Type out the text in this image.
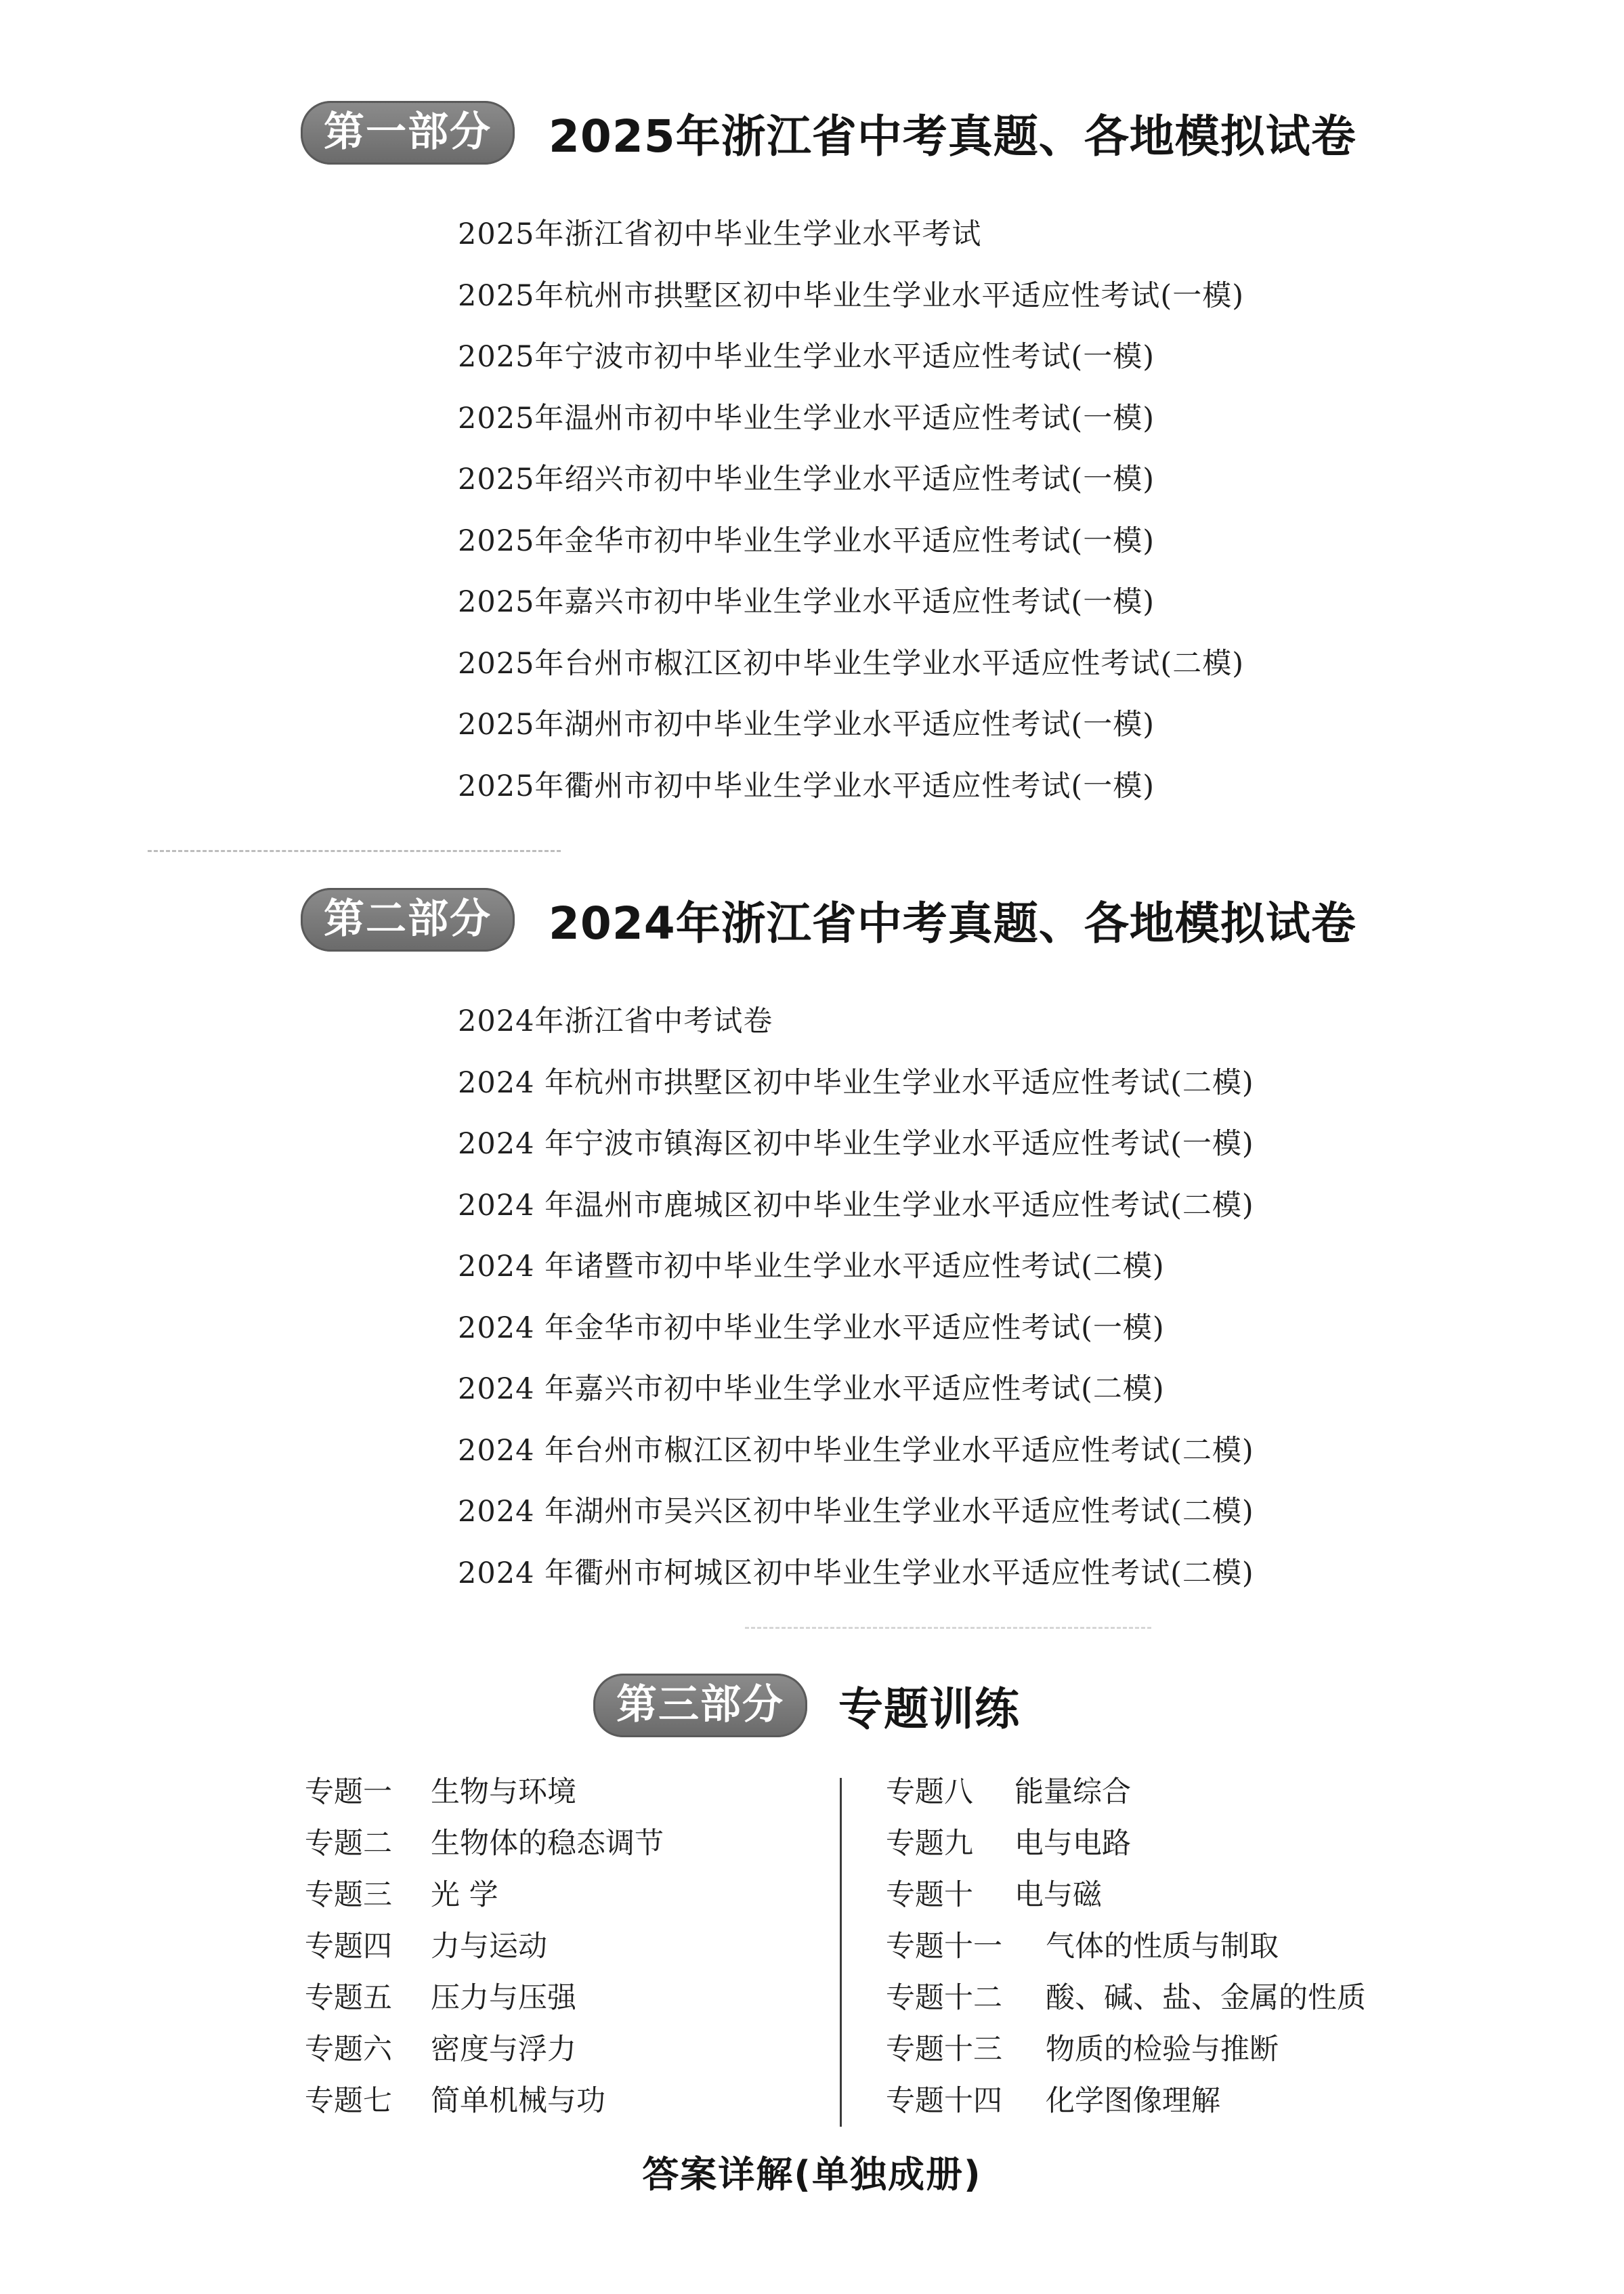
第一部分	2025年浙江省中考真题、各地模拟试卷
2025年浙江省初中毕业生学业水平考试
2025年杭州市拱墅区初中毕业生学业水平适应性考试(一模)
2025年宁波市初中毕业生学业水平适应性考试(一模)
2025年温州市初中毕业生学业水平适应性考试(一模)
2025年绍兴市初中毕业生学业水平适应性考试(一模)
2025年金华市初中毕业生学业水平适应性考试(一模)
2025年嘉兴市初中毕业生学业水平适应性考试(一模)
2025年台州市椒江区初中毕业生学业水平适应性考试(二模)
2025年湖州市初中毕业生学业水平适应性考试(一模)
2025年衢州市初中毕业生学业水平适应性考试(一模)
第二部分	2024年浙江省中考真题、各地模拟试卷
2024年浙江省中考试卷
2024 年杭州市拱墅区初中毕业生学业水平适应性考试(二模)
2024 年宁波市镇海区初中毕业生学业水平适应性考试(一模)
2024 年温州市鹿城区初中毕业生学业水平适应性考试(二模)
2024 年诸暨市初中毕业生学业水平适应性考试(二模)
2024 年金华市初中毕业生学业水平适应性考试(一模)
2024 年嘉兴市初中毕业生学业水平适应性考试(二模)
2024 年台州市椒江区初中毕业生学业水平适应性考试(二模)
2024 年湖州市吴兴区初中毕业生学业水平适应性考试(二模)
2024 年衢州市柯城区初中毕业生学业水平适应性考试(二模)
第三部分	专题训练
专题一	生物与环境
专题二	生物体的稳态调节
专题三	光 学
专题四	力与运动
专题五	压力与压强
专题六	密度与浮力
专题七	简单机械与功
专题八	能量综合
专题九	电与电路
专题十	电与磁
专题十一	气体的性质与制取
专题十二	酸、碱、盐、金属的性质
专题十三	物质的检验与推断
专题十四	化学图像理解
答案详解(单独成册)
